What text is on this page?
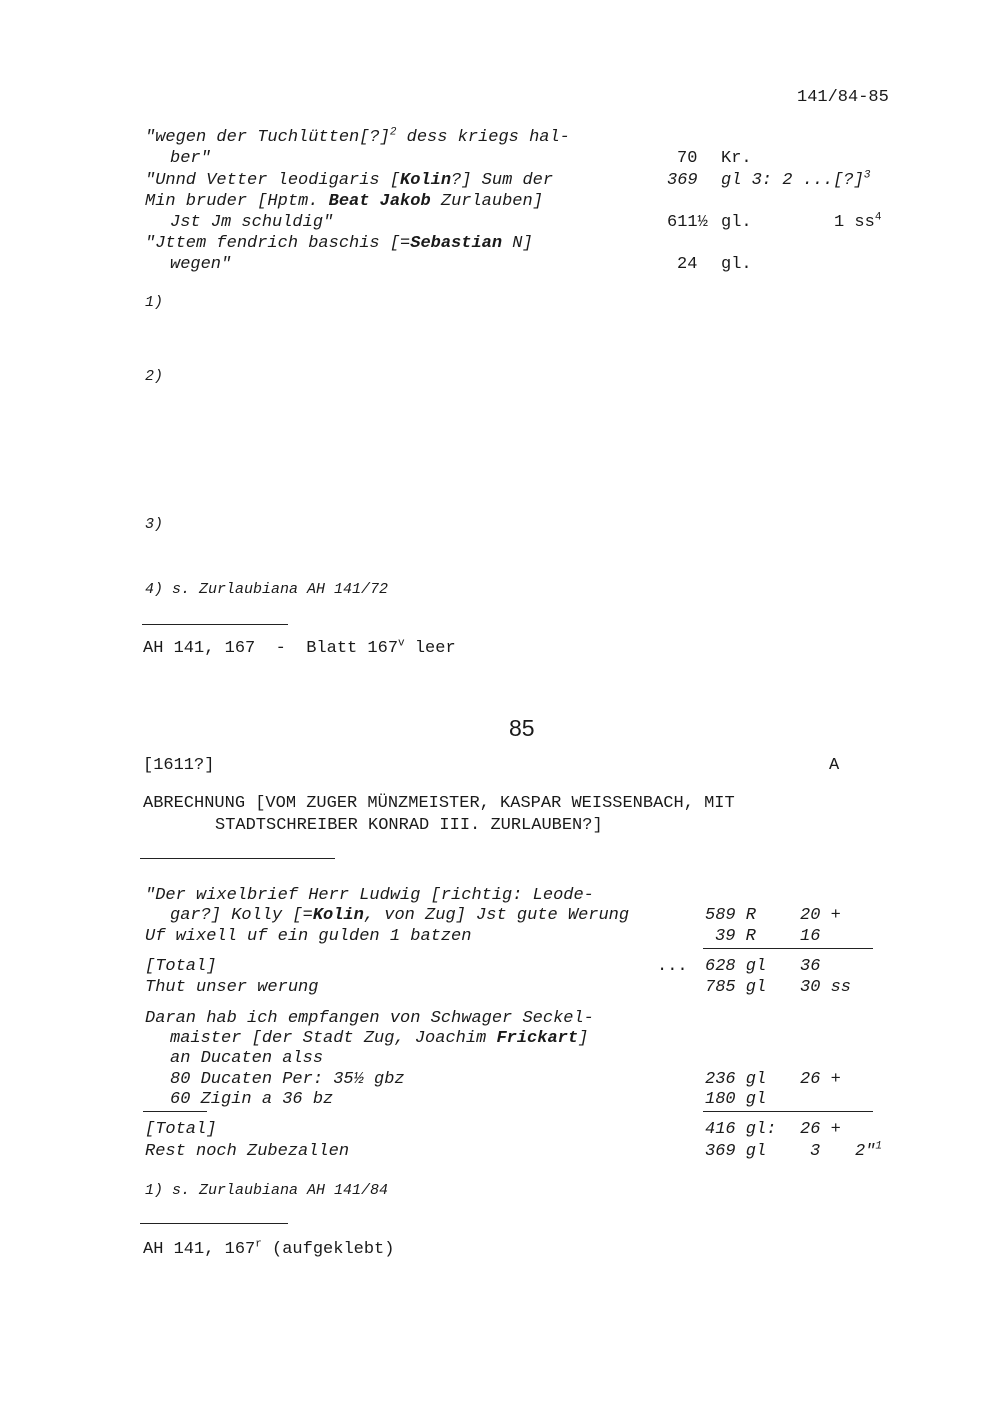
141/84-85
"wegen der Tuchlütten[?]$^2$ dess kriegs hal-
ber"	70 Kr.
"Unnd Vetter leodigaris [Kolin?] Sum der	369 gl 3: 2 ...[?]$^3$
Min bruder [Hptm. Beat Jakob Zurlauben]
Jst Jm schuldig"	611½ gl.	1 $ss^4$
"Jttem fendrich baschis [=Sebastian N]
wegen"	24 gl.
1)
2)
3)
4) s. Zurlaubiana AH 141/72
AH 141, 167  -  Blatt 167$^v$ leer
85
[1611?]	A
ABRECHNUNG [VOM ZUGER MÜNZMEISTER, KASPAR WEISSENBACH, MIT
STADTSCHREIBER KONRAD III. ZURLAUBEN?]
"Der wixelbrief Herr Ludwig [richtig: Leode-
gar?] Kolly [=Kolin, von Zug] Jst gute Werung	589 R	20 +
Uf wixell uf ein gulden 1 batzen	39 R	16
[Total]	... 628 gl 36
Thut unser werung	785 gl 30 ss
Daran hab ich empfangen von Schwager Seckel-
maister [der Stadt Zug, Joachim Frickart]
an Ducaten alss
80 Ducaten Per: 35½ gbz	236 gl 26 +
60 Zigin a 36 bz	180 gl
[Total]	416 gl: 26 +
Rest noch Zubezallen	369 gl	3 2"$^1$
1) s. Zurlaubiana AH 141/84
AH 141, 167$^r$ (aufgeklebt)
